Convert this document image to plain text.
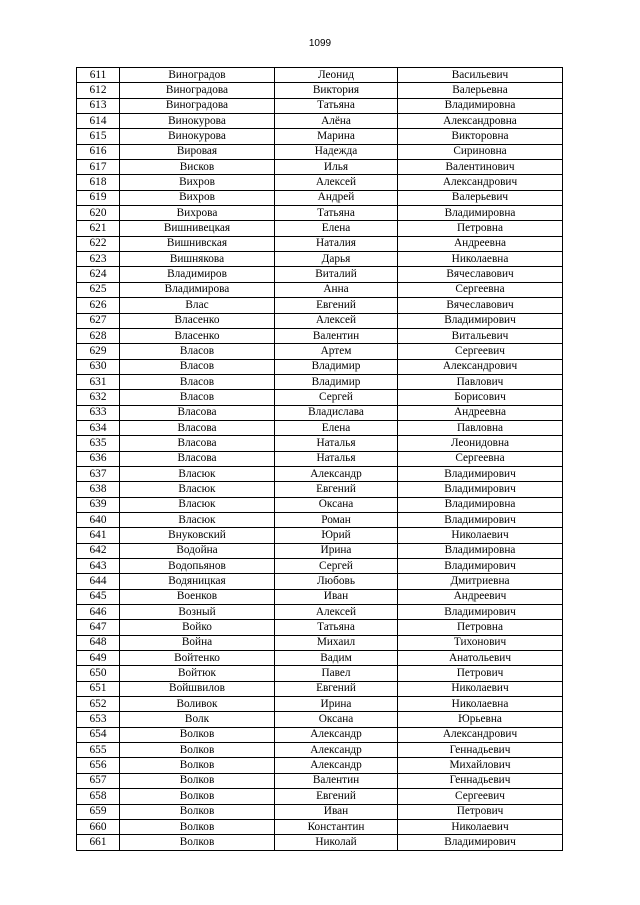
1099
611	Виноградов	Леонид	Васильевич
612	Виноградова	Виктория	Валерьевна
613	Виноградова	Татьяна	Владимировна
614	Винокурова	Алёна	Александровна
615	Винокурова	Марина	Викторовна
616	Вировая	Надежда	Сириновна
617	Висков	Илья	Валентинович
618	Вихров	Алексей	Александрович
619	Вихров	Андрей	Валерьевич
620	Вихрова	Татьяна	Владимировна
621	Вишнивецкая	Елена	Петровна
622	Вишнивская	Наталия	Андреевна
623	Вишнякова	Дарья	Николаевна
624	Владимиров	Виталий	Вячеславович
625	Владимирова	Анна	Сергеевна
626	Влас	Евгений	Вячеславович
627	Власенко	Алексей	Владимирович
628	Власенко	Валентин	Витальевич
629	Власов	Артем	Сергеевич
630	Власов	Владимир	Александрович
631	Власов	Владимир	Павлович
632	Власов	Сергей	Борисович
633	Власова	Владислава	Андреевна
634	Власова	Елена	Павловна
635	Власова	Наталья	Леонидовна
636	Власова	Наталья	Сергеевна
637	Власюк	Александр	Владимирович
638	Власюк	Евгений	Владимирович
639	Власюк	Оксана	Владимировна
640	Власюк	Роман	Владимирович
641	Внуковский	Юрий	Николаевич
642	Водойна	Ирина	Владимировна
643	Водопьянов	Сергей	Владимирович
644	Водяницкая	Любовь	Дмитриевна
645	Военков	Иван	Андреевич
646	Возный	Алексей	Владимирович
647	Войко	Татьяна	Петровна
648	Война	Михаил	Тихонович
649	Войтенко	Вадим	Анатольевич
650	Войтюк	Павел	Петрович
651	Войшвилов	Евгений	Николаевич
652	Воливок	Ирина	Николаевна
653	Волк	Оксана	Юрьевна
654	Волков	Александр	Александрович
655	Волков	Александр	Геннадьевич
656	Волков	Александр	Михайлович
657	Волков	Валентин	Геннадьевич
658	Волков	Евгений	Сергеевич
659	Волков	Иван	Петрович
660	Волков	Константин	Николаевич
661	Волков	Николай	Владимирович
